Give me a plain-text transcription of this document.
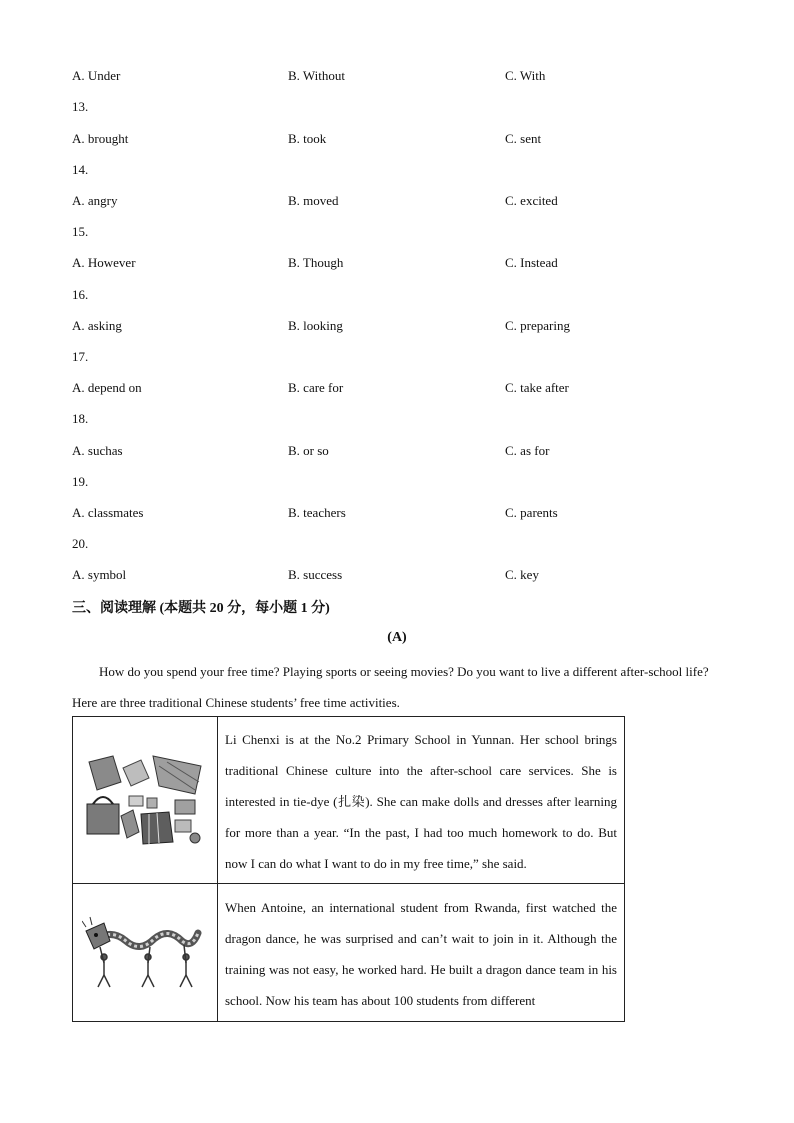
A. Under	B. Without	C. With
13.
A. brought	B. took	C. sent
14.
A. angry	B. moved	C. excited
15.
A. However	B. Though	C. Instead
16.
A. asking	B. looking	C. preparing
17.
A. depend on	B. care for	C. take after
18.
A. suchas	B. or so	C. as for
19.
A. classmates	B. teachers	C. parents
20.
A. symbol	B. success	C. key
三、阅读理解 (本题共 20 分，每小题 1 分)
(A)
How do you spend your free time? Playing sports or seeing movies? Do you want to live a different after-school life? Here are three traditional Chinese students’ free time activities.
	Li Chenxi is at the No.2 Primary School in Yunnan. Her school brings traditional Chinese culture into the after-school care services. She is interested in tie-dye (扎染). She can make dolls and dresses after learning for more than a year. “In the past, I had too much homework to do. But now I can do what I want to do in my free time,” she said.

	When Antoine, an international student from Rwanda, first watched the dragon dance, he was surprised and can’t wait to join in it. Although the training was not easy, he worked hard. He built a dragon dance team in his school. Now his team has about 100 students from different
